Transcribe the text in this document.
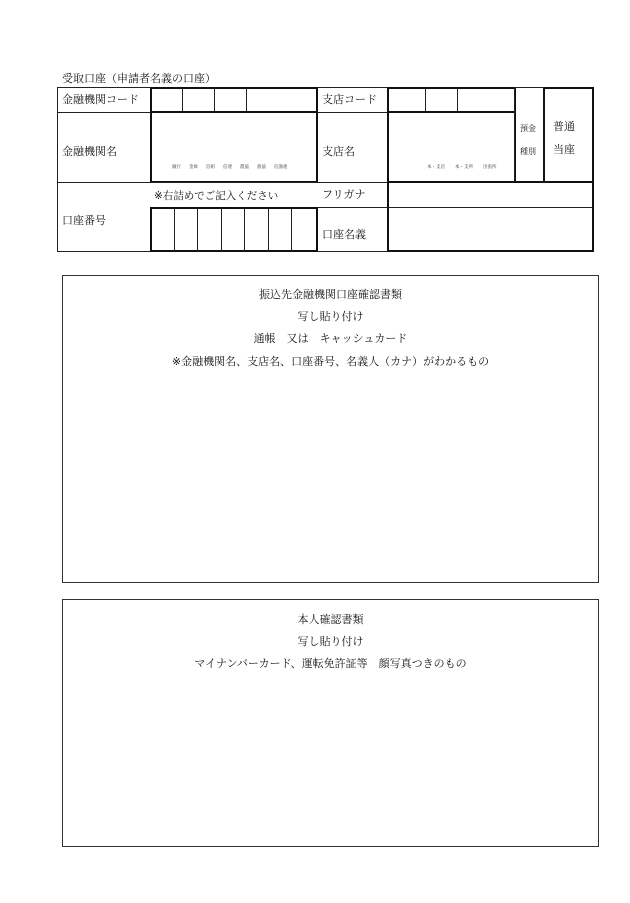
受取口座（申請者名義の口座）
金融機関コード
金融機関名
口座番号
支店コード
支店名
フリガナ
口座名義
※右詰めでご記入ください
預金
種別
普通
当座
銀行 金庫 信組 信連 農協 漁協 信漁連	本・支店 本・支所 出張所
振込先金融機関口座確認書類
写し貼り付け
通帳　又は　キャッシュカード
※金融機関名、支店名、口座番号、名義人（カナ）がわかるもの
本人確認書類
写し貼り付け
マイナンバーカード、運転免許証等　顔写真つきのもの
